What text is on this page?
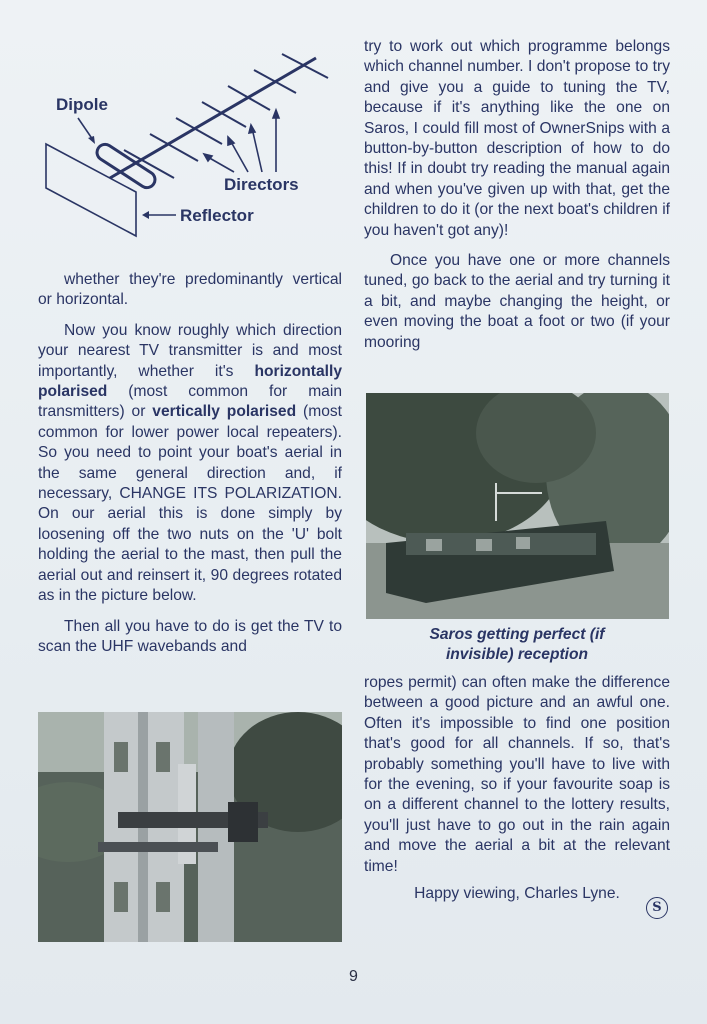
Dipole
Directors
Reflector

whether they're predominantly vertical or horizontal.

Now you know roughly which direction your nearest TV transmitter is and most importantly, whether it's horizontally polarised (most common for main transmitters) or vertically polarised (most common for lower power local repeaters). So you need to point your boat's aerial in the same general direction and, if necessary, CHANGE ITS POLARIZATION. On our aerial this is done simply by loosening off the two nuts on the 'U' bolt holding the aerial to the mast, then pull the aerial out and reinsert it, 90 degrees rotated as in the picture below.

Then all you have to do is get the TV to scan the UHF wavebands and

try to work out which programme belongs which channel number. I don't propose to try and give you a guide to tuning the TV, because if it's anything like the one on Saros, I could fill most of OwnerSnips with a button-by-button description of how to do this! If in doubt try reading the manual again and when you've given up with that, get the children to do it (or the next boat's children if you haven't got any)!

Once you have one or more channels tuned, go back to the aerial and try turning it a bit, and maybe changing the height, or even moving the boat a foot or two (if your mooring

Saros getting perfect (if
invisible) reception

ropes permit) can often make the difference between a good picture and an awful one. Often it's impossible to find one position that's good for all channels. If so, that's probably something you'll have to live with for the evening, so if your favourite soap is on a different channel to the lottery results, you'll just have to go out in the rain again and move the aerial a bit at the relevant time!

Happy viewing, Charles Lyne.
S
9
